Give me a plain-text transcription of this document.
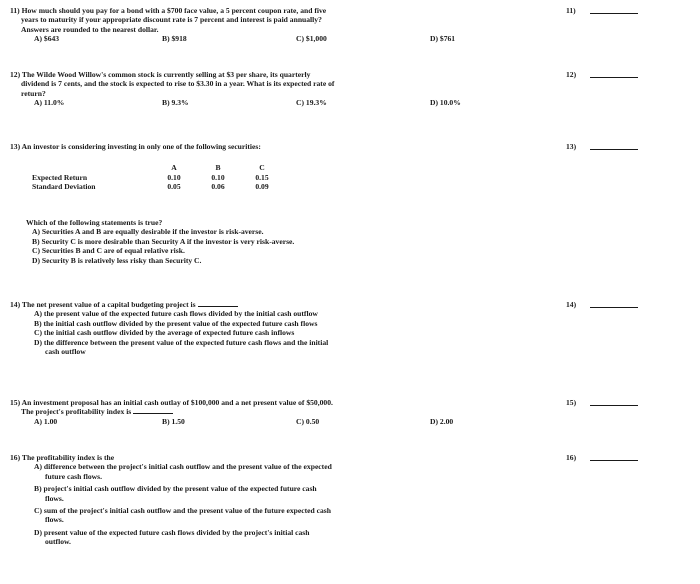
11) How much should you pay for a bond with a $700 face value, a 5 percent coupon rate, and five
years to maturity if your appropriate discount rate is 7 percent and interest is paid annually?
Answers are rounded to the nearest dollar.
A) $643	B) $918	C) $1,000	D) $761
11)
12) The Wilde Wood Willow's common stock is currently selling at $3 per share, its quarterly
dividend is 7 cents, and the stock is expected to rise to $3.30 in a year. What is its expected rate of
return?
A) 11.0%	B) 9.3%	C) 19.3%	D) 10.0%
12)
13) An investor is considering investing in only one of the following securities:	13)
	A	B	C
Expected Return	0.10	0.10	0.15
Standard Deviation	0.05	0.06	0.09
Which of the following statements is true?
A) Securities A and B are equally desirable if the investor is risk-averse.
B) Security C is more desirable than Security A if the investor is very risk-averse.
C) Securities B and C are of equal relative risk.
D) Security B is relatively less risky than Security C.
14) The net present value of a capital budgeting project is
A) the present value of the expected future cash flows divided by the initial cash outflow
B) the initial cash outflow divided by the present value of the expected future cash flows
C) the initial cash outflow divided by the average of expected future cash inflows
D) the difference between the present value of the expected future cash flows and the initial
cash outflow
14)
15) An investment proposal has an initial cash outlay of $100,000 and a net present value of $50,000.
The project's profitability index is
A) 1.00	B) 1.50	C) 0.50	D) 2.00
15)
16) The profitability index is the
A) difference between the project's initial cash outflow and the present value of the expected
future cash flows.
B) project's initial cash outflow divided by the present value of the expected future cash
flows.
C) sum of the project's initial cash outflow and the present value of the future expected cash
flows.
D) present value of the expected future cash flows divided by the project's initial cash
outflow.
16)
